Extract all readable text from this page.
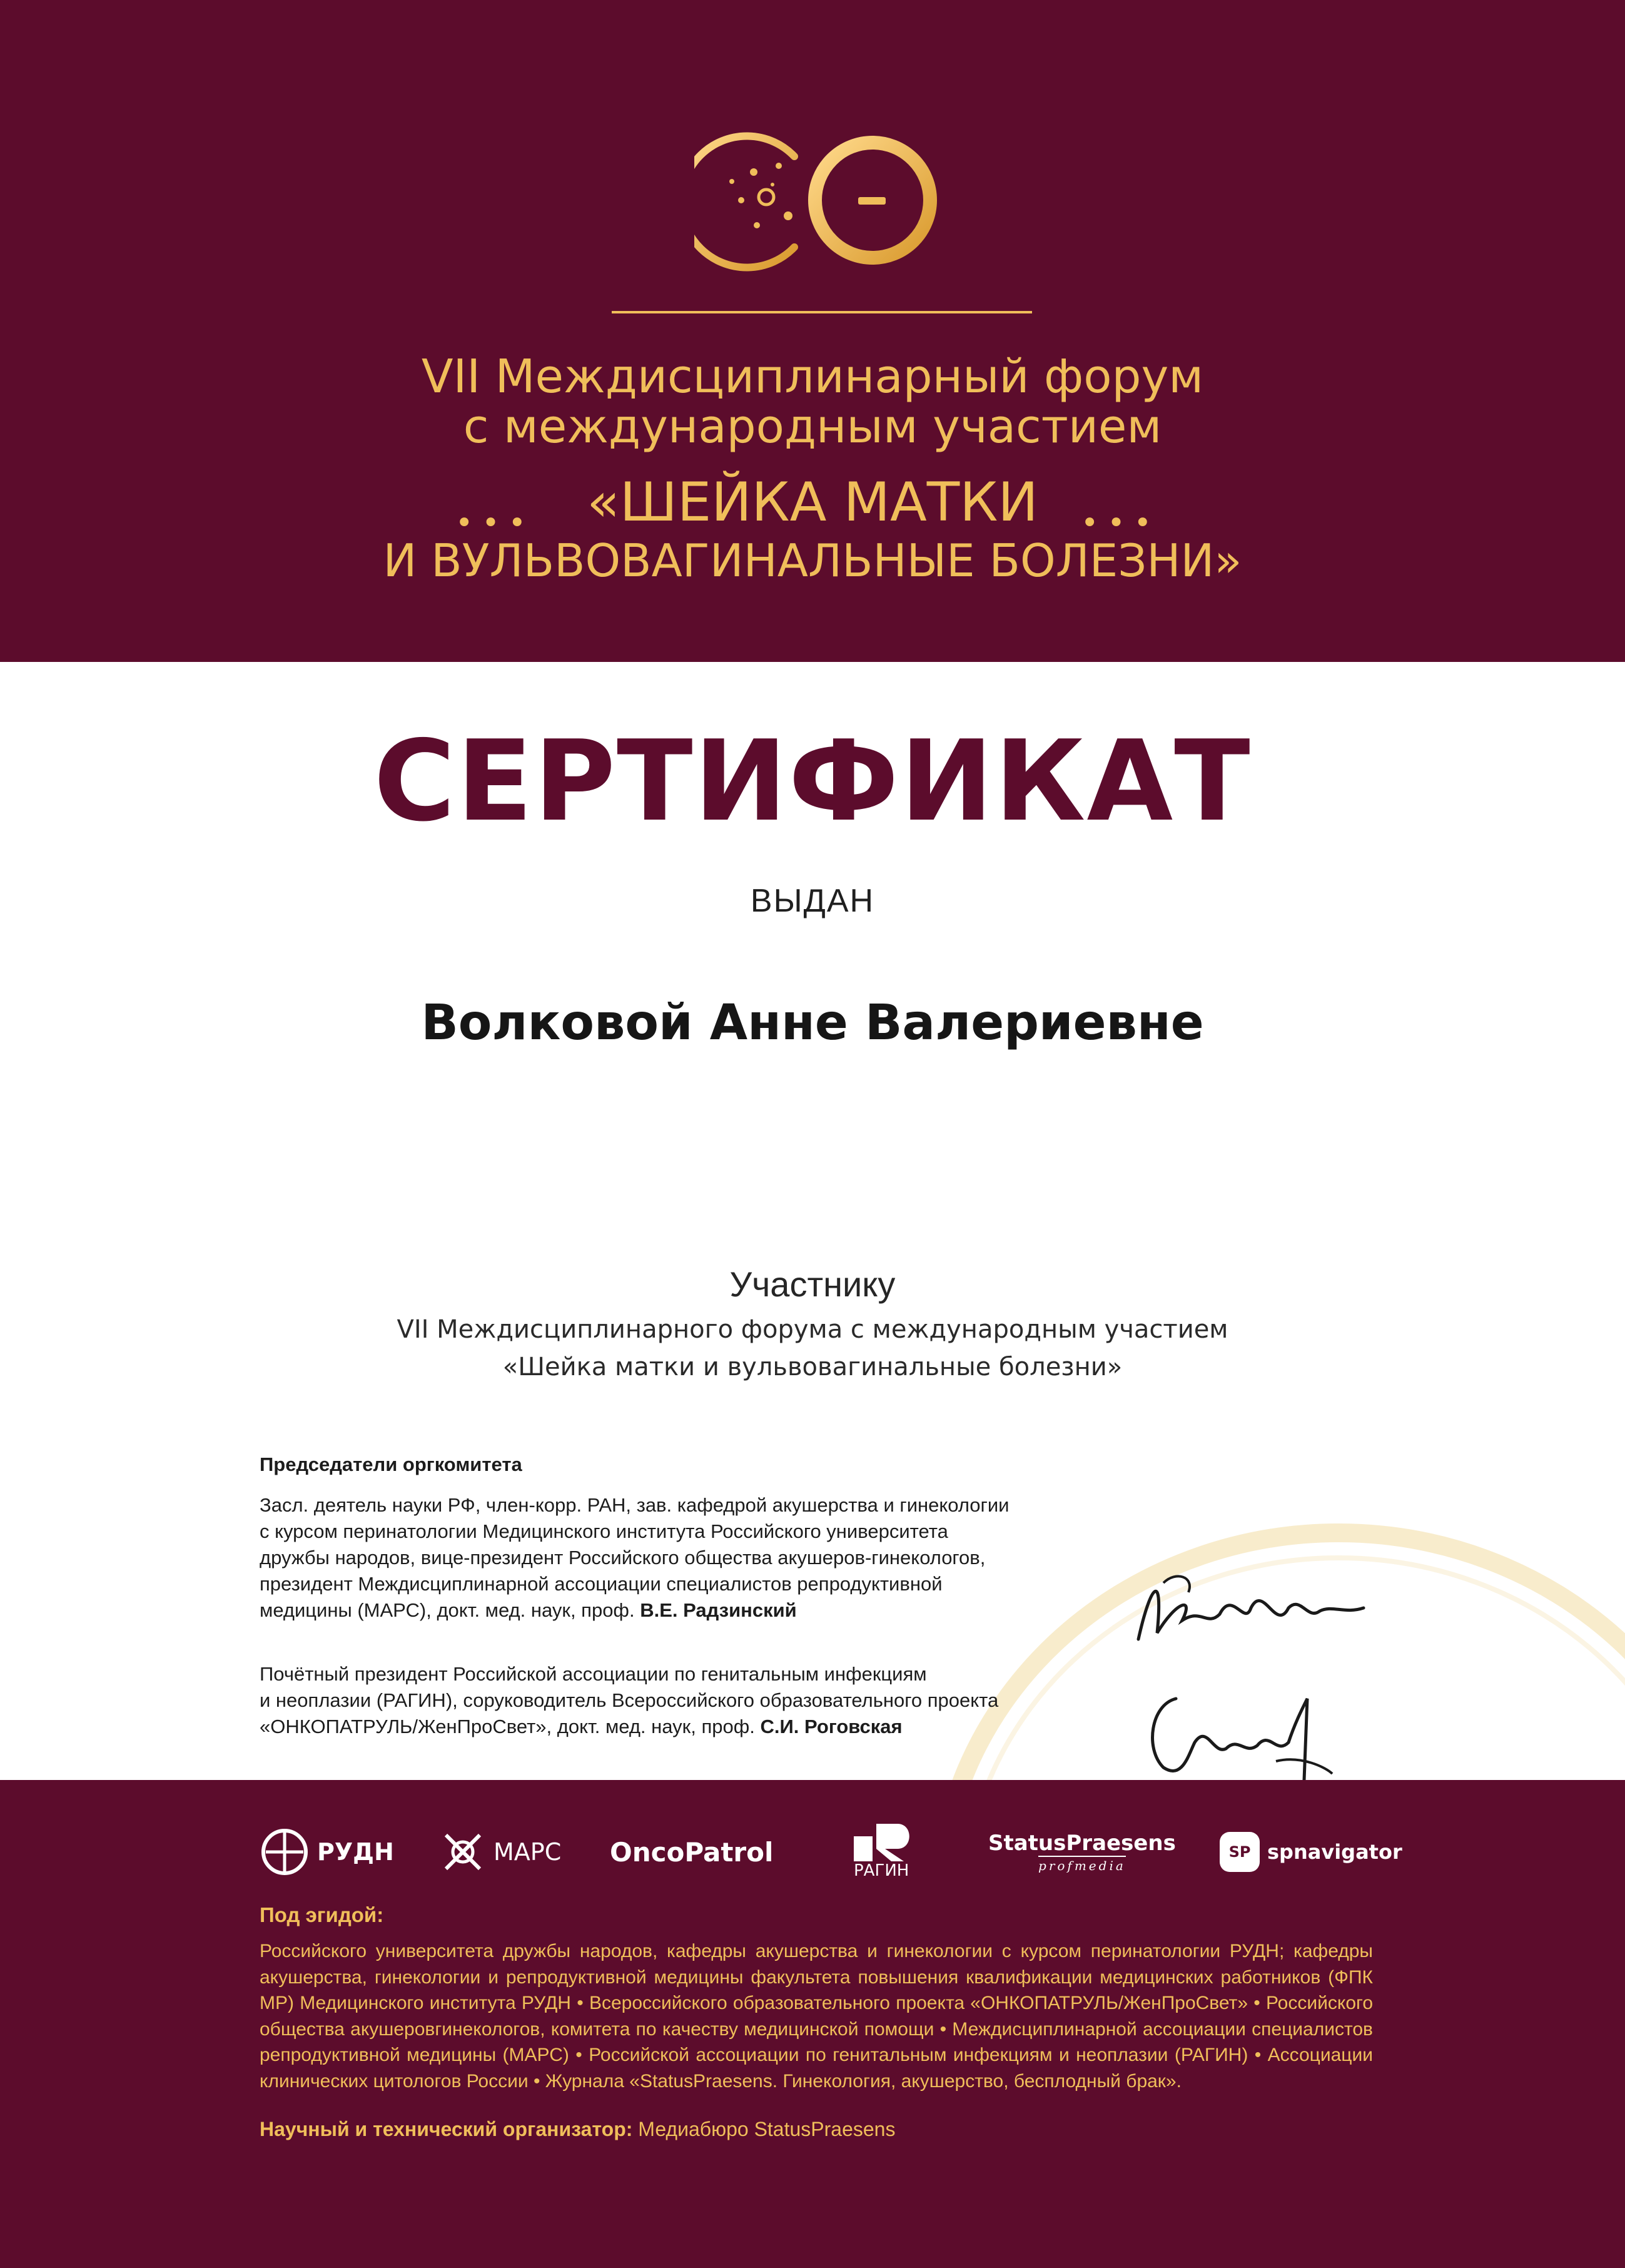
VII Междисциплинарный форум
с международным участием
••• «ШЕЙКА МАТКИ	•••
И ВУЛЬВОВАГИНАЛЬНЫЕ БОЛЕЗНИ»
СЕРТИФИКАТ
ВЫДАН
Волковой Анне Валериевне
Участнику
VII Междисциплинарного форума с международным участием
«Шейка матки и вульвовагинальные болезни»
Председатели оргкомитета
Засл. деятель науки РФ, член-корр. РАН, зав. кафедрой акушерства и гинекологии
с курсом перинатологии Медицинского института Российского университета
дружбы народов, вице-президент Российского общества акушеров-гинекологов,
президент Междисциплинарной ассоциации специалистов репродуктивной
медицины (МАРС), докт. мед. наук, проф. В.Е. Радзинский
Почётный президент Российской ассоциации по генитальным инфекциям
и неоплазии (РАГИН), соруководитель Всероссийского образовательного проекта
«ОНКОПАТРУЛЬ/ЖенПроСвет», докт. мед. наук, проф. С.И. Роговская
РУДН	МАРС OncoPatrol
РАГИН
StatusPraesens
profmedia
SP spnavigator
Под эгидой:
Российского университета дружбы народов, кафедры акушерства и гинекологии с курсом перинатологии РУДН; кафедры акушерства, гинекологии и репродуктивной медицины факультета повышения квалификации медицинских работников (ФПК МР) Медицинского института РУДН • Всероссийского образовательного проекта «ОНКОПАТРУЛЬ/ЖенПроСвет» • Российского общества акушеровгинекологов, комитета по качеству медицинской помощи • Междисциплинарной ассоциации специалистов репродуктивной медицины (МАРС) • Российской ассоциации по генитальным инфекциям и неоплазии (РАГИН) • Ассоциации клинических цитологов России • Журнала «StatusPraesens. Гинекология, акушерство, бесплодный брак».
Научный и технический организатор: Медиабюро StatusPraesens
